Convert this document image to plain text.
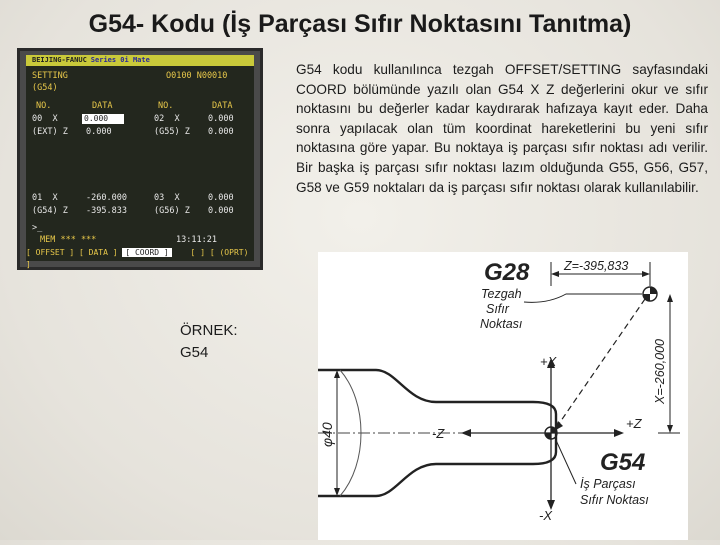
G54- Kodu (İş Parçası Sıfır Noktasını Tanıtma)
BEIJING-FANUC Series 0i Mate
SETTING	O0100 N00010
(G54)
NO.	DATA	NO.	DATA
00  X	0.000	02  X	0.000
(EXT) Z 0.000	(G55) Z 0.000
01  X	-260.000	03  X	0.000
(G54) Z -395.833	(G56) Z 0.000
>_
MEM *** ***	13:11:21
[ OFFSET ] [ DATA ] [ COORD ]	[ ] [ (OPRT) ]
G54 kodu kullanılınca tezgah OFFSET/SETTING sayfasındaki COORD bölümünde yazılı olan G54 X Z değerlerini okur ve sıfır noktasını bu değerler kadar kaydırarak hafızaya kayıt eder. Daha sonra yapılacak olan tüm koordinat hareketlerini bu yeni sıfır noktasına göre yapar. Bu noktaya iş parçası sıfır noktası adı verilir. Bir başka iş parçası sıfır noktası lazım olduğunda G55, G56, G57, G58 ve G59 noktaları da iş parçası sıfır noktası olarak kullanılabilir.
ÖRNEK:
G54
φ40
+X
-X
-Z
+Z
Z=-395,833
X=-260,000
G28
Tezgah
Sıfır
Noktası
G54
İş Parçası
Sıfır Noktası
